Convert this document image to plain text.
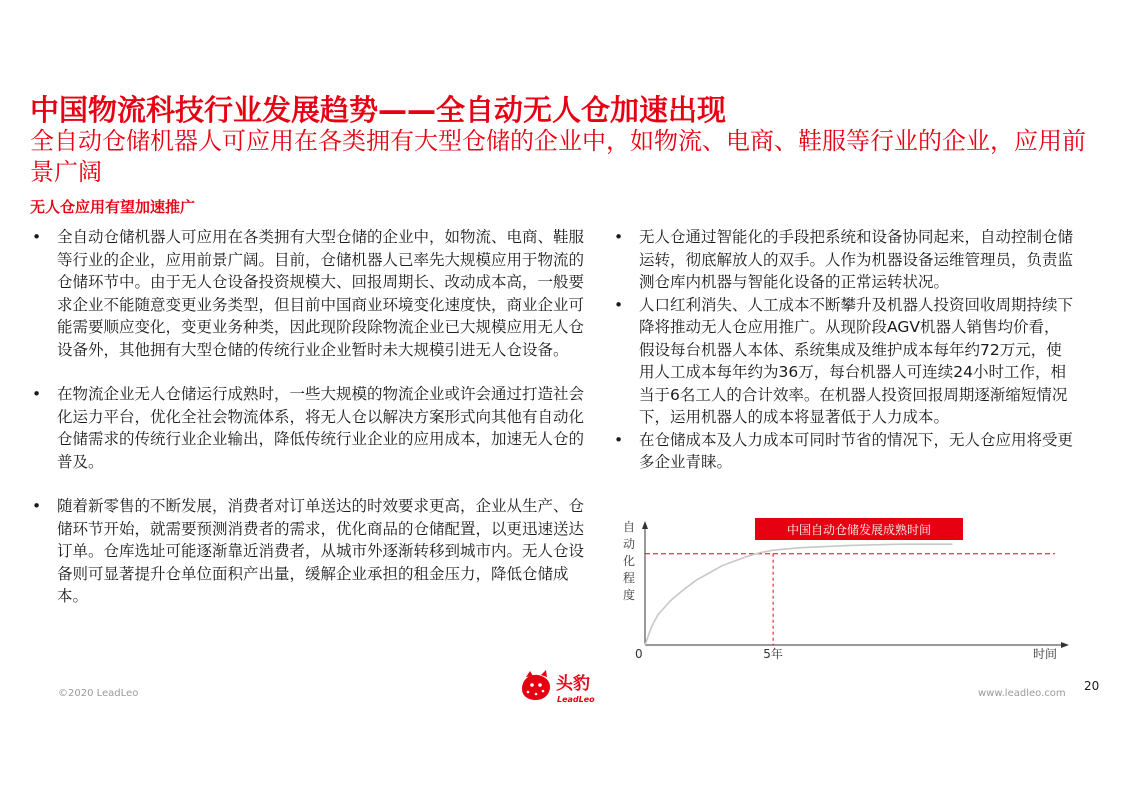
中国物流科技行业发展趋势——全自动无人仓加速出现

全自动仓储机器人可应用在各类拥有大型仓储的企业中，如物流、电商、鞋服等行业的企业，应用前景广阔

无人仓应用有望加速推广

• 全自动仓储机器人可应用在各类拥有大型仓储的企业中，如物流、电商、鞋服等行业的企业，应用前景广阔。目前，仓储机器人已率先大规模应用于物流的仓储环节中。由于无人仓设备投资规模大、回报周期长、改动成本高，一般要求企业不能随意变更业务类型，但目前中国商业环境变化速度快，商业企业可能需要顺应变化，变更业务种类，因此现阶段除物流企业已大规模应用无人仓设备外，其他拥有大型仓储的传统行业企业暂时未大规模引进无人仓设备。
• 在物流企业无人仓储运行成熟时，一些大规模的物流企业或许会通过打造社会化运力平台，优化全社会物流体系，将无人仓以解决方案形式向其他有自动化仓储需求的传统行业企业输出，降低传统行业企业的应用成本，加速无人仓的普及。
• 随着新零售的不断发展，消费者对订单送达的时效要求更高，企业从生产、仓储环节开始，就需要预测消费者的需求，优化商品的仓储配置，以更迅速送达订单。仓库选址可能逐渐靠近消费者，从城市外逐渐转移到城市内。无人仓设备则可显著提升仓单位面积产出量，缓解企业承担的租金压力，降低仓储成本。
• 无人仓通过智能化的手段把系统和设备协同起来，自动控制仓储运转，彻底解放人的双手。人作为机器设备运维管理员，负责监测仓库内机器与智能化设备的正常运转状况。
• 人口红利消失、人工成本不断攀升及机器人投资回收周期持续下降将推动无人仓应用推广。从现阶段AGV机器人销售均价看，假设每台机器人本体、系统集成及维护成本每年约72万元，使用人工成本每年约为36万，每台机器人可连续24小时工作，相当于6名工人的合计效率。在机器人投资回报周期逐渐缩短情况下，运用机器人的成本将显著低于人力成本。
• 在仓储成本及人力成本可同时节省的情况下，无人仓应用将受更多企业青睐。
中国自动仓储发展成熟时间
自
动
化
程
度
0	5年	时间

©2020 LeadLeo	头豹
LeadLeo

www.leadleo.com

20
